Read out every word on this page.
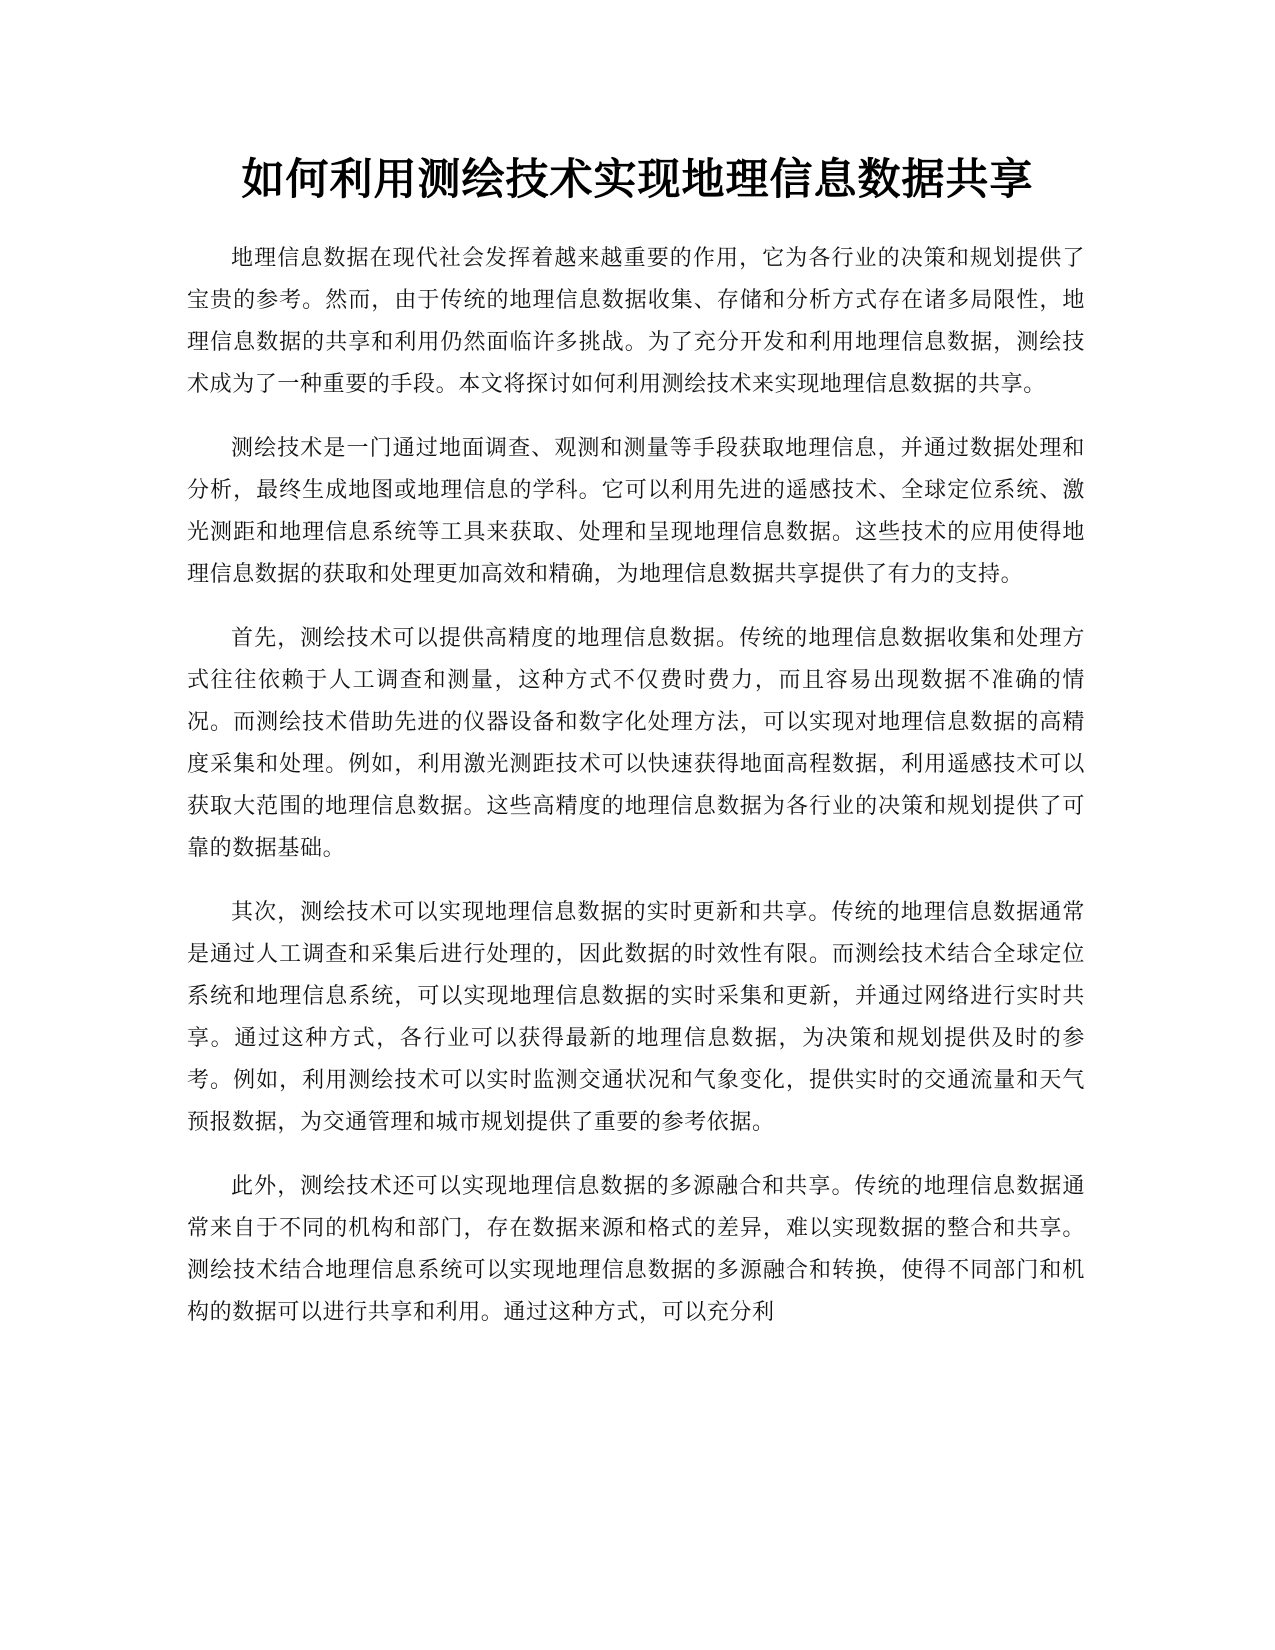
如何利用测绘技术实现地理信息数据共享

地理信息数据在现代社会发挥着越来越重要的作用，它为各行业的决策和规划提供了宝贵的参考。然而，由于传统的地理信息数据收集、存储和分析方式存在诸多局限性，地理信息数据的共享和利用仍然面临许多挑战。为了充分开发和利用地理信息数据，测绘技术成为了一种重要的手段。本文将探讨如何利用测绘技术来实现地理信息数据的共享。

测绘技术是一门通过地面调查、观测和测量等手段获取地理信息，并通过数据处理和分析，最终生成地图或地理信息的学科。它可以利用先进的遥感技术、全球定位系统、激光测距和地理信息系统等工具来获取、处理和呈现地理信息数据。这些技术的应用使得地理信息数据的获取和处理更加高效和精确，为地理信息数据共享提供了有力的支持。

首先，测绘技术可以提供高精度的地理信息数据。传统的地理信息数据收集和处理方式往往依赖于人工调查和测量，这种方式不仅费时费力，而且容易出现数据不准确的情况。而测绘技术借助先进的仪器设备和数字化处理方法，可以实现对地理信息数据的高精度采集和处理。例如，利用激光测距技术可以快速获得地面高程数据，利用遥感技术可以获取大范围的地理信息数据。这些高精度的地理信息数据为各行业的决策和规划提供了可靠的数据基础。

其次，测绘技术可以实现地理信息数据的实时更新和共享。传统的地理信息数据通常是通过人工调查和采集后进行处理的，因此数据的时效性有限。而测绘技术结合全球定位系统和地理信息系统，可以实现地理信息数据的实时采集和更新，并通过网络进行实时共享。通过这种方式，各行业可以获得最新的地理信息数据，为决策和规划提供及时的参考。例如，利用测绘技术可以实时监测交通状况和气象变化，提供实时的交通流量和天气预报数据，为交通管理和城市规划提供了重要的参考依据。

此外，测绘技术还可以实现地理信息数据的多源融合和共享。传统的地理信息数据通常来自于不同的机构和部门，存在数据来源和格式的差异，难以实现数据的整合和共享。测绘技术结合地理信息系统可以实现地理信息数据的多源融合和转换，使得不同部门和机构的数据可以进行共享和利用。通过这种方式，可以充分利
